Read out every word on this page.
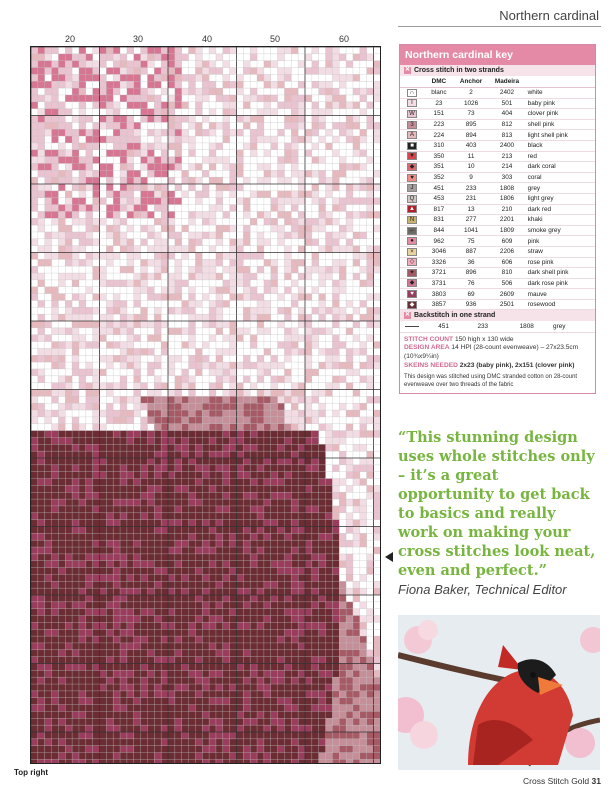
Northern cardinal
20	30	40	50	60
Top right
Northern cardinal key
✕ Cross stitch in two strands
	DMC	Anchor	Madeira	
∩	blanc	2	2402	white
I	23	1026	501	baby pink
W	151	73	404	clover pink
3	223	895	812	shell pink
A	224	894	813	light shell pink
■	310	403	2400	black
▼	350	11	213	red
◆	351	10	214	dark coral
♥	352	9	303	coral
J	451	233	1808	grey
Q	453	231	1806	light grey
▲	817	13	210	dark red
N	831	277	2201	khaki
⌐	844	1041	1809	smoke grey
●	962	75	609	pink
×	3046	887	2206	straw
◇	3326	36	606	rose pink
✦	3721	896	810	dark shell pink
◆	3731	76	506	dark rose pink
♥	3803	69	2609	mauve
◆	3857	936	2501	rosewood
✕ Backstitch in one strand
	451	233	1808	grey
STITCH COUNT 150 high x 130 wide
DESIGN AREA 14 HPI (28-count evenweave) – 27x23.5cm (10¾x9¼in)
SKEINS NEEDED 2x23 (baby pink), 2x151 (clover pink)
This design was stitched using DMC stranded cotton on 28-count evenweave over two threads of the fabric
“This stunning design uses whole stitches only – it’s a great opportunity to get back to basics and really work on making your cross stitches look neat, even and perfect.”
Fiona Baker, Technical Editor
Cross Stitch Gold 31
